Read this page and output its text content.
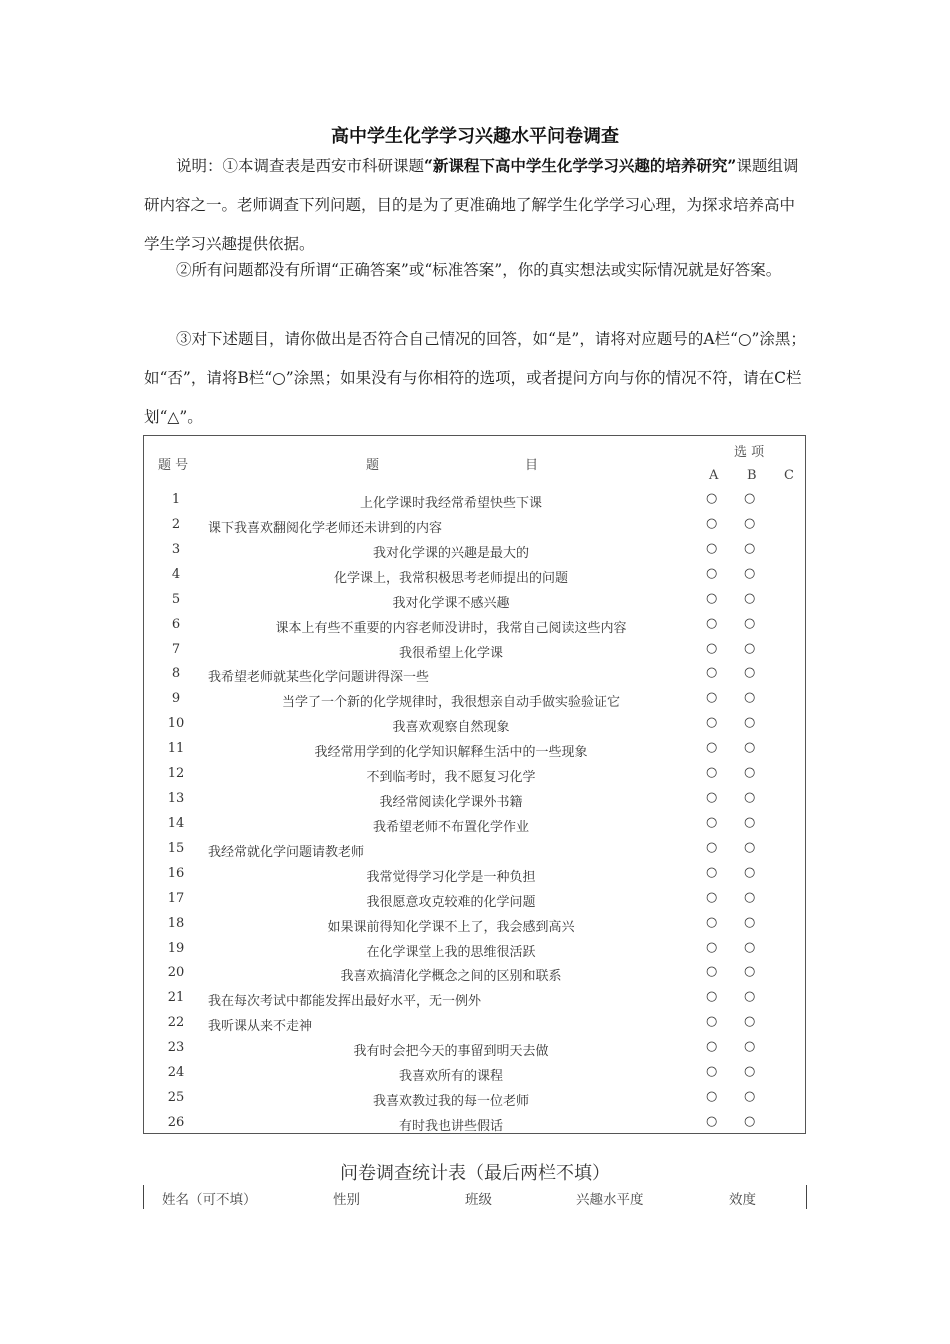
高中学生化学学习兴趣水平问卷调查
说明：①本调查表是西安市科研课题“新课程下高中学生化学学习兴趣的培养研究”课题组调研内容之一。老师调查下列问题，目的是为了更准确地了解学生化学学习心理，为探求培养高中学生学习兴趣提供依据。
②所有问题都没有所谓“正确答案”或“标准答案”，你的真实想法或实际情况就是好答案。
③对下述题目，请你做出是否符合自己情况的回答，如“是”，请将对应题号的A栏“○”涂黑；如“否”，请将B栏“○”涂黑；如果没有与你相符的选项，或者提问方向与你的情况不符，请在C栏划“△”。
题 号	题	目
选 项
A B C
1	上化学课时我经常希望快些下课	○ ○
2	课下我喜欢翻阅化学老师还未讲到的内容	○ ○
3	我对化学课的兴趣是最大的	○ ○
4	化学课上，我常积极思考老师提出的问题	○ ○
5	我对化学课不感兴趣	○ ○
6	课本上有些不重要的内容老师没讲时，我常自己阅读这些内容	○ ○
7	我很希望上化学课	○ ○
8	我希望老师就某些化学问题讲得深一些	○ ○
9	当学了一个新的化学规律时，我很想亲自动手做实验验证它	○ ○
10	我喜欢观察自然现象	○ ○
11	我经常用学到的化学知识解释生活中的一些现象	○ ○
12	不到临考时，我不愿复习化学	○ ○
13	我经常阅读化学课外书籍	○ ○
14	我希望老师不布置化学作业	○ ○
15 我经常就化学问题请教老师	○ ○
16	我常觉得学习化学是一种负担	○ ○
17	我很愿意攻克较难的化学问题	○ ○
18	如果课前得知化学课不上了，我会感到高兴	○ ○
19	在化学课堂上我的思维很活跃	○ ○
20	我喜欢搞清化学概念之间的区别和联系	○ ○
21 我在每次考试中都能发挥出最好水平，无一例外	○ ○
22 我听课从来不走神	○ ○
23	我有时会把今天的事留到明天去做	○ ○
24	我喜欢所有的课程	○ ○
25	我喜欢教过我的每一位老师	○ ○
26	有时我也讲些假话	○ ○
问卷调查统计表（最后两栏不填）
姓名（可不填）	性别	班级	兴趣水平度	效度
